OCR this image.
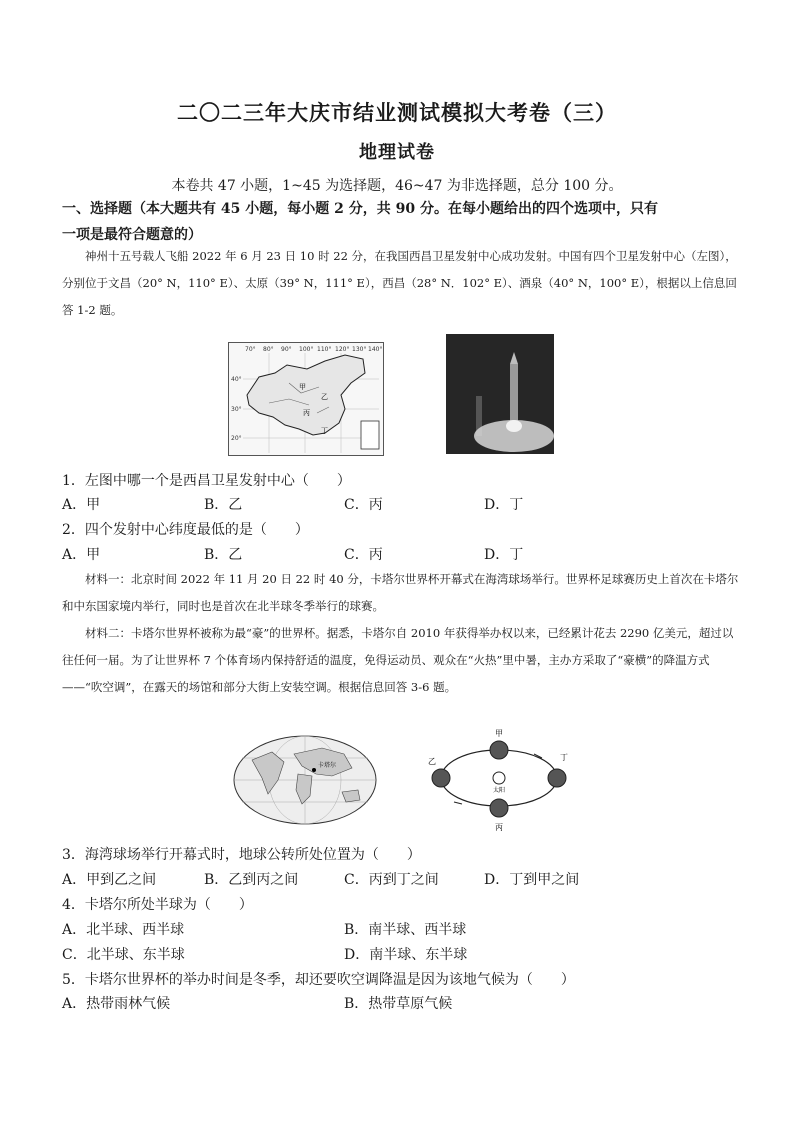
二〇二三年大庆市结业测试模拟大考卷（三）
地理试卷
本卷共 47 小题，1~45 为选择题，46~47 为非选择题，总分 100 分。
一、选择题（本大题共有 45 小题，每小题 2 分，共 90 分。在每小题给出的四个选项中，只有
一项是最符合题意的）
神州十五号载人飞船 2022 年 6 月 23 日 10 时 22 分，在我国西昌卫星发射中心成功发射。中国有四个卫星发射中心（左图），分别位于文昌（20° N，110° E）、太原（39° N，111° E），西昌（28° N．102° E）、酒泉（40° N，100° E），根据以上信息回答 1-2 题。
70° 80° 90° 100° 110° 120° 130° 140°
40°
30°
20°
甲
乙
丙
丁
1．左图中哪一个是西昌卫星发射中心（　　）
A．甲	B．乙	C．丙	D．丁
2．四个发射中心纬度最低的是（　　）
A．甲	B．乙	C．丙	D．丁
材料一：北京时间 2022 年 11 月 20 日 22 时 40 分，卡塔尔世界杯开幕式在海湾球场举行。世界杯足球赛历史上首次在卡塔尔和中东国家境内举行，同时也是首次在北半球冬季举行的球赛。
材料二：卡塔尔世界杯被称为最“豪”的世界杯。据悉，卡塔尔自 2010 年获得举办权以来，已经累计花去 2290 亿美元，超过以往任何一届。为了让世界杯 7 个体育场内保持舒适的温度，免得运动员、观众在“火热”里中暑，主办方采取了“豪横”的降温方式——“吹空调”，在露天的场馆和部分大街上安装空调。根据信息回答 3-6 题。
卡塔尔
太阳
甲
乙
丙
丁
3．海湾球场举行开幕式时，地球公转所处位置为（　　）
A．甲到乙之间	B．乙到丙之间	C．丙到丁之间	D．丁到甲之间
4．卡塔尔所处半球为（　　）
A．北半球、西半球	B．南半球、西半球
C．北半球、东半球	D．南半球、东半球
5．卡塔尔世界杯的举办时间是冬季，却还要吹空调降温是因为该地气候为（　　）
A．热带雨林气候	B．热带草原气候
